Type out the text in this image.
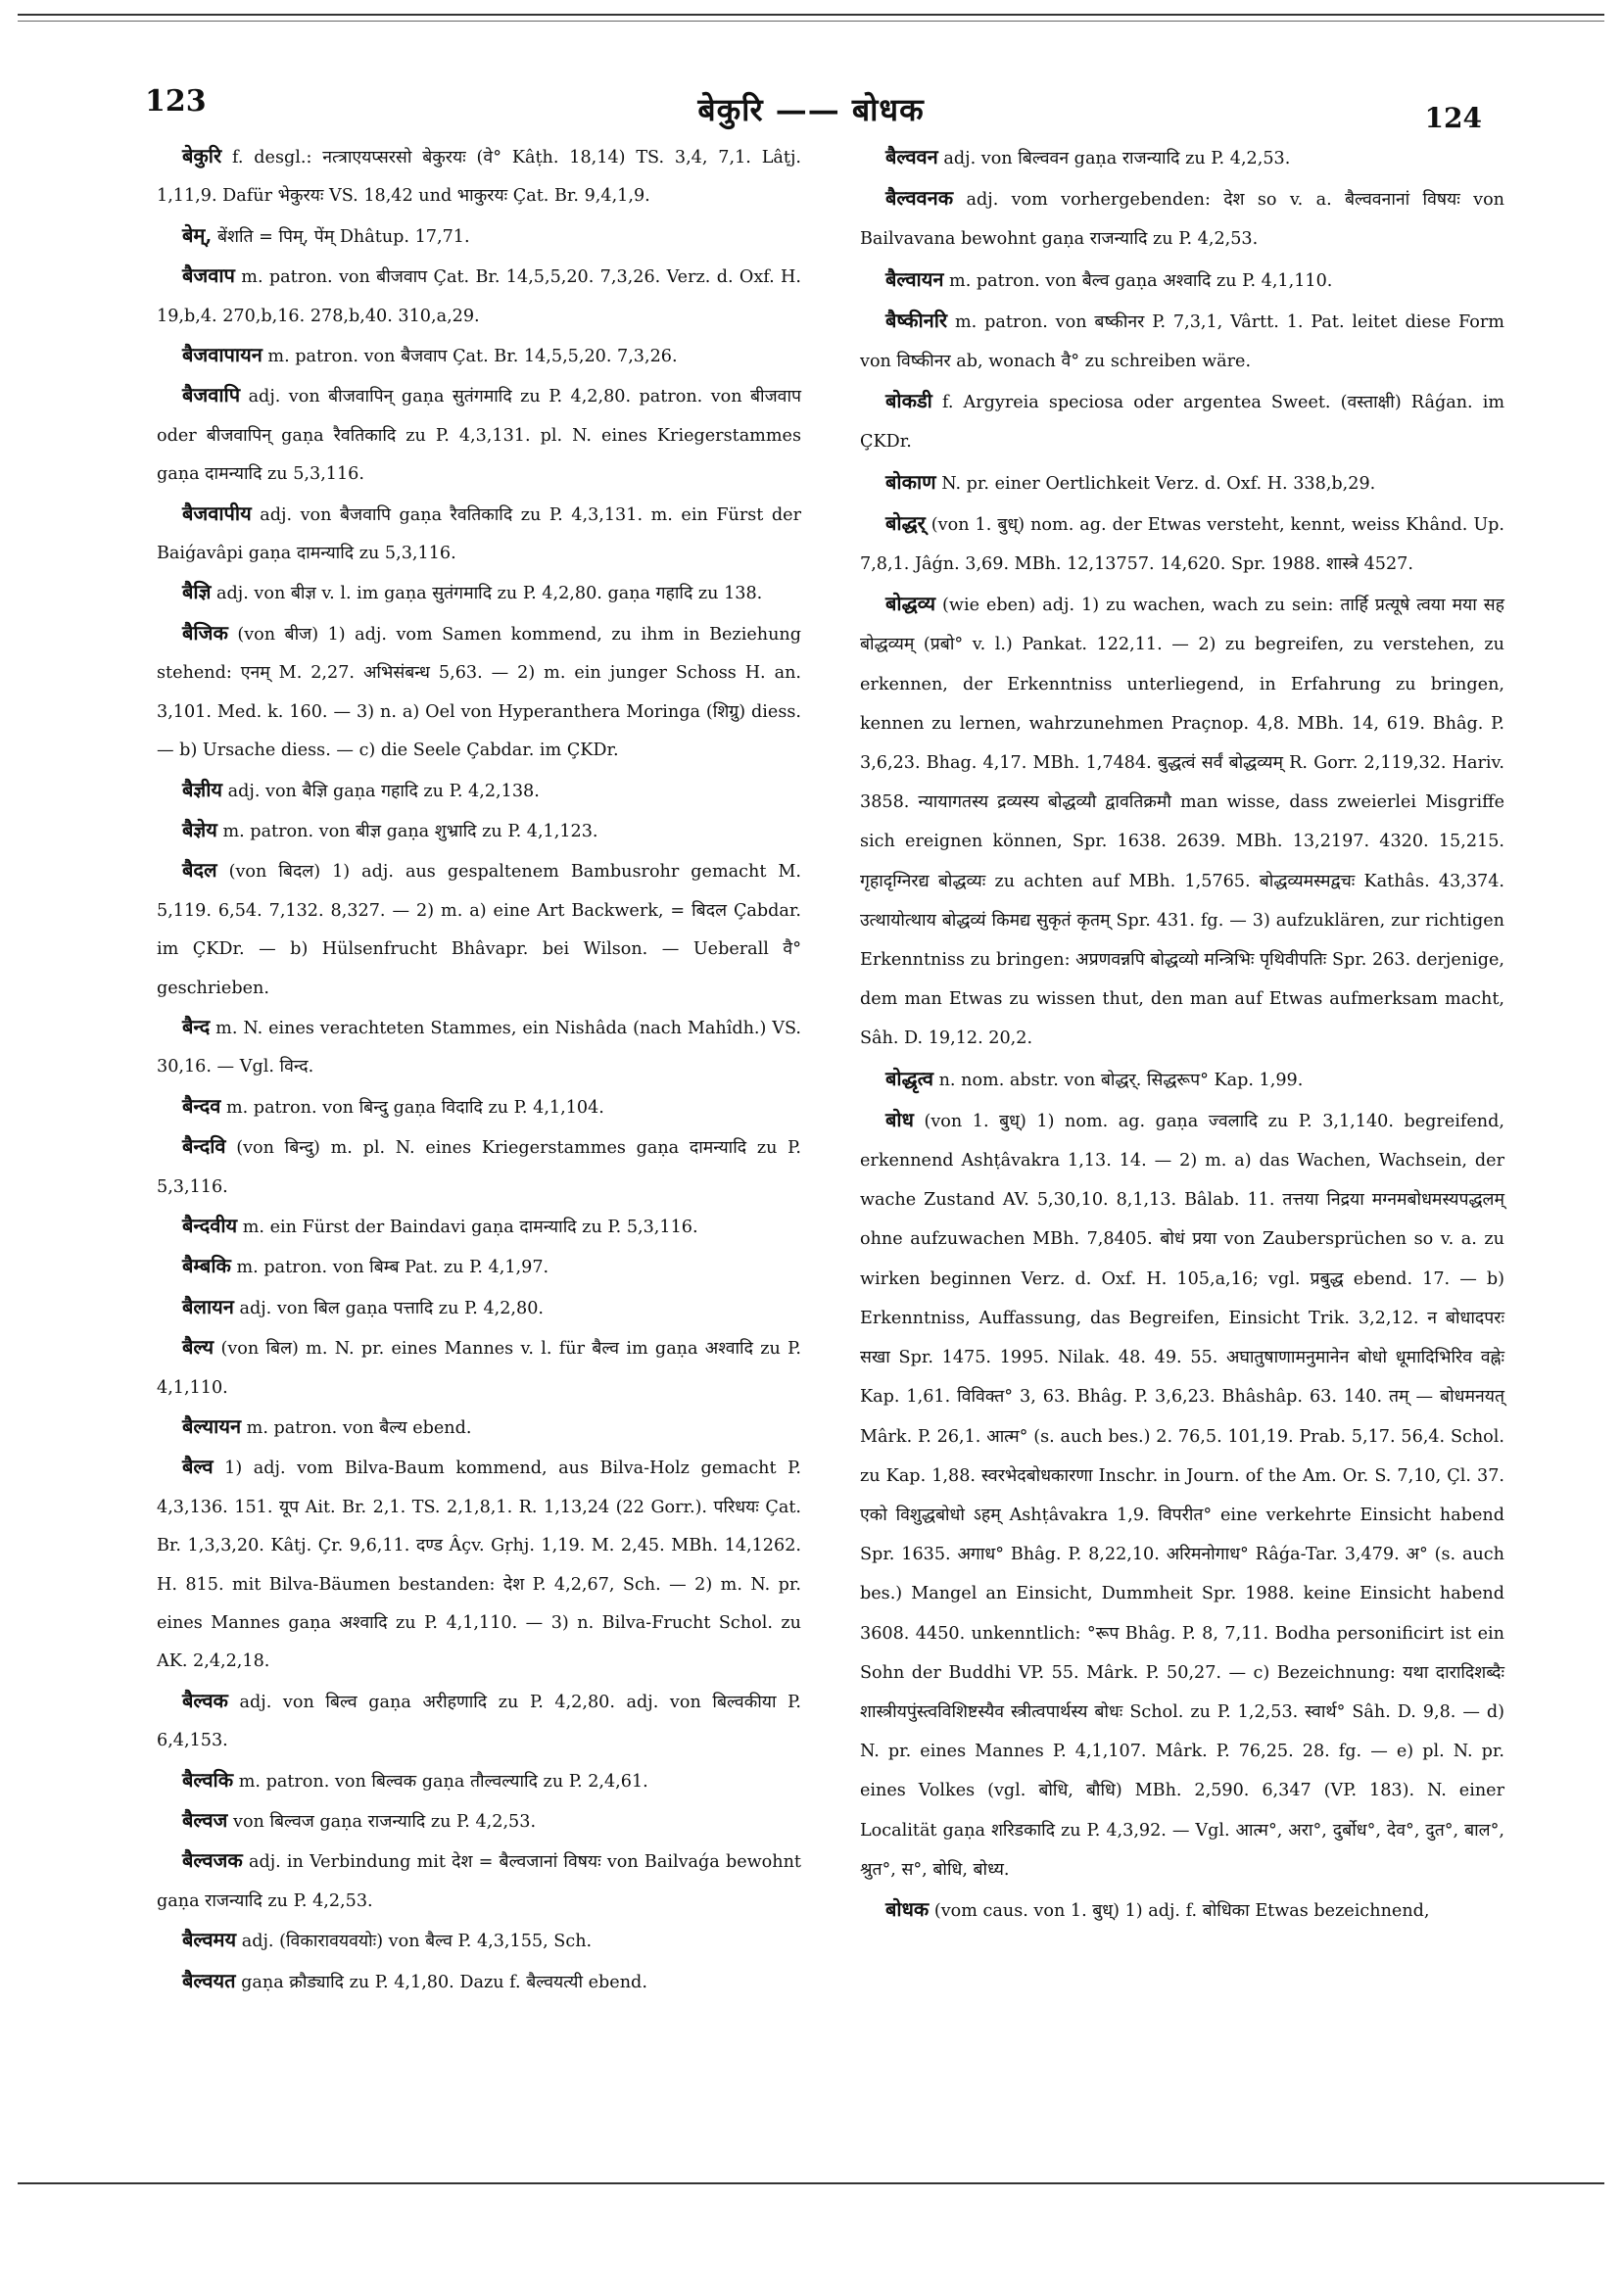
123	बेकुरि —— बोधक	124

बेकुरि f. desgl.: नत्त्राएयप्सरसो बेकुरयः (वे° Kâṭh. 18,14) TS. 3,4, 7,1. Lâṭj. 1,11,9. Dafür भेकुरयः VS. 18,42 und भाकुरयः Çat. Br. 9,4,1,9.

बेम्, बेंशति = पिम्, पेंम् Dhâtup. 17,71.

बैजवाप m. patron. von बीजवाप Çat. Br. 14,5,5,20. 7,3,26. Verz. d. Oxf. H. 19,b,4. 270,b,16. 278,b,40. 310,a,29.

बैजवापायन m. patron. von बैजवाप Çat. Br. 14,5,5,20. 7,3,26.

बैजवापि adj. von बीजवापिन् gaṇa सुतंगमादि zu P. 4,2,80. patron. von बीजवाप oder बीजवापिन् gaṇa रैवतिकादि zu P. 4,3,131. pl. N. eines Kriegerstammes gaṇa दामन्यादि zu 5,3,116.

बैजवापीय adj. von बैजवापि gaṇa रैवतिकादि zu P. 4,3,131. m. ein Fürst der Baiǵavâpi gaṇa दामन्यादि zu 5,3,116.

बैज्ञि adj. von बीज्ञ v. l. im gaṇa सुतंगमादि zu P. 4,2,80. gaṇa गहादि zu 138.

बैजिक (von बीज) 1) adj. vom Samen kommend, zu ihm in Beziehung stehend: एनम् M. 2,27. अभिसंबन्ध 5,63. — 2) m. ein junger Schoss H. an. 3,101. Med. k. 160. — 3) n. a) Oel von Hyperanthera Moringa (शिग्रु) diess. — b) Ursache diess. — c) die Seele Çabdar. im ÇKDr.

बैज्ञीय adj. von बैज्ञि gaṇa गहादि zu P. 4,2,138.

बैज्ञेय m. patron. von बीज्ञ gaṇa शुभ्रादि zu P. 4,1,123.

बैदल (von बिदल) 1) adj. aus gespaltenem Bambusrohr gemacht M. 5,119. 6,54. 7,132. 8,327. — 2) m. a) eine Art Backwerk, = बिदल Çabdar. im ÇKDr. — b) Hülsenfrucht Bhâvapr. bei Wilson. — Ueberall वै° geschrieben.

बैन्द m. N. eines verachteten Stammes, ein Nishâda (nach Mahîdh.) VS. 30,16. — Vgl. विन्द.

बैन्दव m. patron. von बिन्दु gaṇa विदादि zu P. 4,1,104.

बैन्दवि (von बिन्दु) m. pl. N. eines Kriegerstammes gaṇa दामन्यादि zu P. 5,3,116.

बैन्दवीय m. ein Fürst der Baindavi gaṇa दामन्यादि zu P. 5,3,116.

बैम्बकि m. patron. von बिम्ब Pat. zu P. 4,1,97.

बैलायन adj. von बिल gaṇa पत्तादि zu P. 4,2,80.

बैल्य (von बिल) m. N. pr. eines Mannes v. l. für बैल्व im gaṇa अश्वादि zu P. 4,1,110.

बैल्यायन m. patron. von बैल्य ebend.

बैल्व 1) adj. vom Bilva-Baum kommend, aus Bilva-Holz gemacht P. 4,3,136. 151. यूप Ait. Br. 2,1. TS. 2,1,8,1. R. 1,13,24 (22 Gorr.). परिधयः Çat. Br. 1,3,3,20. Kâtj. Çr. 9,6,11. दण्ड Âçv. Gṛhj. 1,19. M. 2,45. MBh. 14,1262. H. 815. mit Bilva-Bäumen bestanden: देश P. 4,2,67, Sch. — 2) m. N. pr. eines Mannes gaṇa अश्वादि zu P. 4,1,110. — 3) n. Bilva-Frucht Schol. zu AK. 2,4,2,18.

बैल्वक adj. von बिल्व gaṇa अरीहणादि zu P. 4,2,80. adj. von बिल्वकीया P. 6,4,153.

बैल्वकि m. patron. von बिल्वक gaṇa तौल्वल्यादि zu P. 2,4,61.

बैल्वज von बिल्वज gaṇa राजन्यादि zu P. 4,2,53.

बैल्वजक adj. in Verbindung mit देश = बैल्वजानां विषयः von Bailvaǵa bewohnt gaṇa राजन्यादि zu P. 4,2,53.

बैल्वमय adj. (विकारावयवयोः) von बैल्व P. 4,3,155, Sch.

बैल्वयत gaṇa क्रौड्यादि zu P. 4,1,80. Dazu f. बैल्वयत्यी ebend.

बैल्ववन adj. von बिल्ववन gaṇa राजन्यादि zu P. 4,2,53.

बैल्ववनक adj. vom vorhergebenden: देश so v. a. बैल्ववनानां विषयः von Bailvavana bewohnt gaṇa राजन्यादि zu P. 4,2,53.

बैल्वायन m. patron. von बैल्व gaṇa अश्वादि zu P. 4,1,110.

बैष्कीनरि m. patron. von बष्कीनर P. 7,3,1, Vârtt. 1. Pat. leitet diese Form von विष्कीनर ab, wonach वै° zu schreiben wäre.

बोकडी f. Argyreia speciosa oder argentea Sweet. (वस्ताक्षी) Râǵan. im ÇKDr.

बोकाण N. pr. einer Oertlichkeit Verz. d. Oxf. H. 338,b,29.

बोद्धर् (von 1. बुध्) nom. ag. der Etwas versteht, kennt, weiss Khând. Up. 7,8,1. Jâǵn. 3,69. MBh. 12,13757. 14,620. Spr. 1988. शास्त्रे 4527.

बोद्धव्य (wie eben) adj. 1) zu wachen, wach zu sein: तार्हि प्रत्यूषे त्वया मया सह बोद्धव्यम् (प्रबो° v. l.) Pankat. 122,11. — 2) zu begreifen, zu verstehen, zu erkennen, der Erkenntniss unterliegend, in Erfahrung zu bringen, kennen zu lernen, wahrzunehmen Praçnop. 4,8. MBh. 14, 619. Bhâg. P. 3,6,23. Bhag. 4,17. MBh. 1,7484. बुद्धत्वं सर्वं बोद्धव्यम् R. Gorr. 2,119,32. Hariv. 3858. न्यायागतस्य द्रव्यस्य बोद्धव्यौ द्वावतिक्रमौ man wisse, dass zweierlei Misgriffe sich ereignen können, Spr. 1638. 2639. MBh. 13,2197. 4320. 15,215. गृहादृग्निरद्य बोद्धव्यः zu achten auf MBh. 1,5765. बोद्धव्यमस्मद्वचः Kathâs. 43,374. उत्थायोत्थाय बोद्धव्यं किमद्य सुकृतं कृतम् Spr. 431. fg. — 3) aufzuklären, zur richtigen Erkenntniss zu bringen: अप्रणवन्नपि बोद्धव्यो मन्त्रिभिः पृथिवीपतिः Spr. 263. derjenige, dem man Etwas zu wissen thut, den man auf Etwas aufmerksam macht, Sâh. D. 19,12. 20,2.

बोद्धृत्व n. nom. abstr. von बोद्धर्. सिद्धरूप° Kap. 1,99.

बोध (von 1. बुध्) 1) nom. ag. gaṇa ज्वलादि zu P. 3,1,140. begreifend, erkennend Ashṭâvakra 1,13. 14. — 2) m. a) das Wachen, Wachsein, der wache Zustand AV. 5,30,10. 8,1,13. Bâlab. 11. तत्तया निद्रया मग्नमबोधमस्यपद्धलम् ohne aufzuwachen MBh. 7,8405. बोधं प्रया von Zaubersprüchen so v. a. zu wirken beginnen Verz. d. Oxf. H. 105,a,16; vgl. प्रबुद्ध ebend. 17. — b) Erkenntniss, Auffassung, das Begreifen, Einsicht Trik. 3,2,12. न बोधादपरः सखा Spr. 1475. 1995. Nilak. 48. 49. 55. अघातुषाणामनुमानेन बोधो धूमादिभिरिव वह्नेः Kap. 1,61. विविक्त° 3, 63. Bhâg. P. 3,6,23. Bhâshâp. 63. 140. तम् — बोधमनयत् Mârk. P. 26,1. आत्म° (s. auch bes.) 2. 76,5. 101,19. Prab. 5,17. 56,4. Schol. zu Kap. 1,88. स्वरभेदबोधकारणा Inschr. in Journ. of the Am. Or. S. 7,10, Çl. 37. एको विशुद्धबोधो ऽहम् Ashṭâvakra 1,9. विपरीत° eine verkehrte Einsicht habend Spr. 1635. अगाध° Bhâg. P. 8,22,10. अरिमनोगाध° Râǵa-Tar. 3,479. अ° (s. auch bes.) Mangel an Einsicht, Dummheit Spr. 1988. keine Einsicht habend 3608. 4450. unkenntlich: °रूप Bhâg. P. 8, 7,11. Bodha personificirt ist ein Sohn der Buddhi VP. 55. Mârk. P. 50,27. — c) Bezeichnung: यथा दारादिशब्दैः शास्त्रीयपुंस्त्वविशिष्टस्यैव स्त्रीत्वपार्थस्य बोधः Schol. zu P. 1,2,53. स्वार्थ° Sâh. D. 9,8. — d) N. pr. eines Mannes P. 4,1,107. Mârk. P. 76,25. 28. fg. — e) pl. N. pr. eines Volkes (vgl. बोधि, बौधि) MBh. 2,590. 6,347 (VP. 183). N. einer Localität gaṇa शरिडकादि zu P. 4,3,92. — Vgl. आत्म°, अरा°, दुर्बोध°, देव°, दुत°, बाल°, श्रुत°, स°, बोधि, बोध्य.

बोधक (vom caus. von 1. बुध्) 1) adj. f. बोधिका Etwas bezeichnend,
